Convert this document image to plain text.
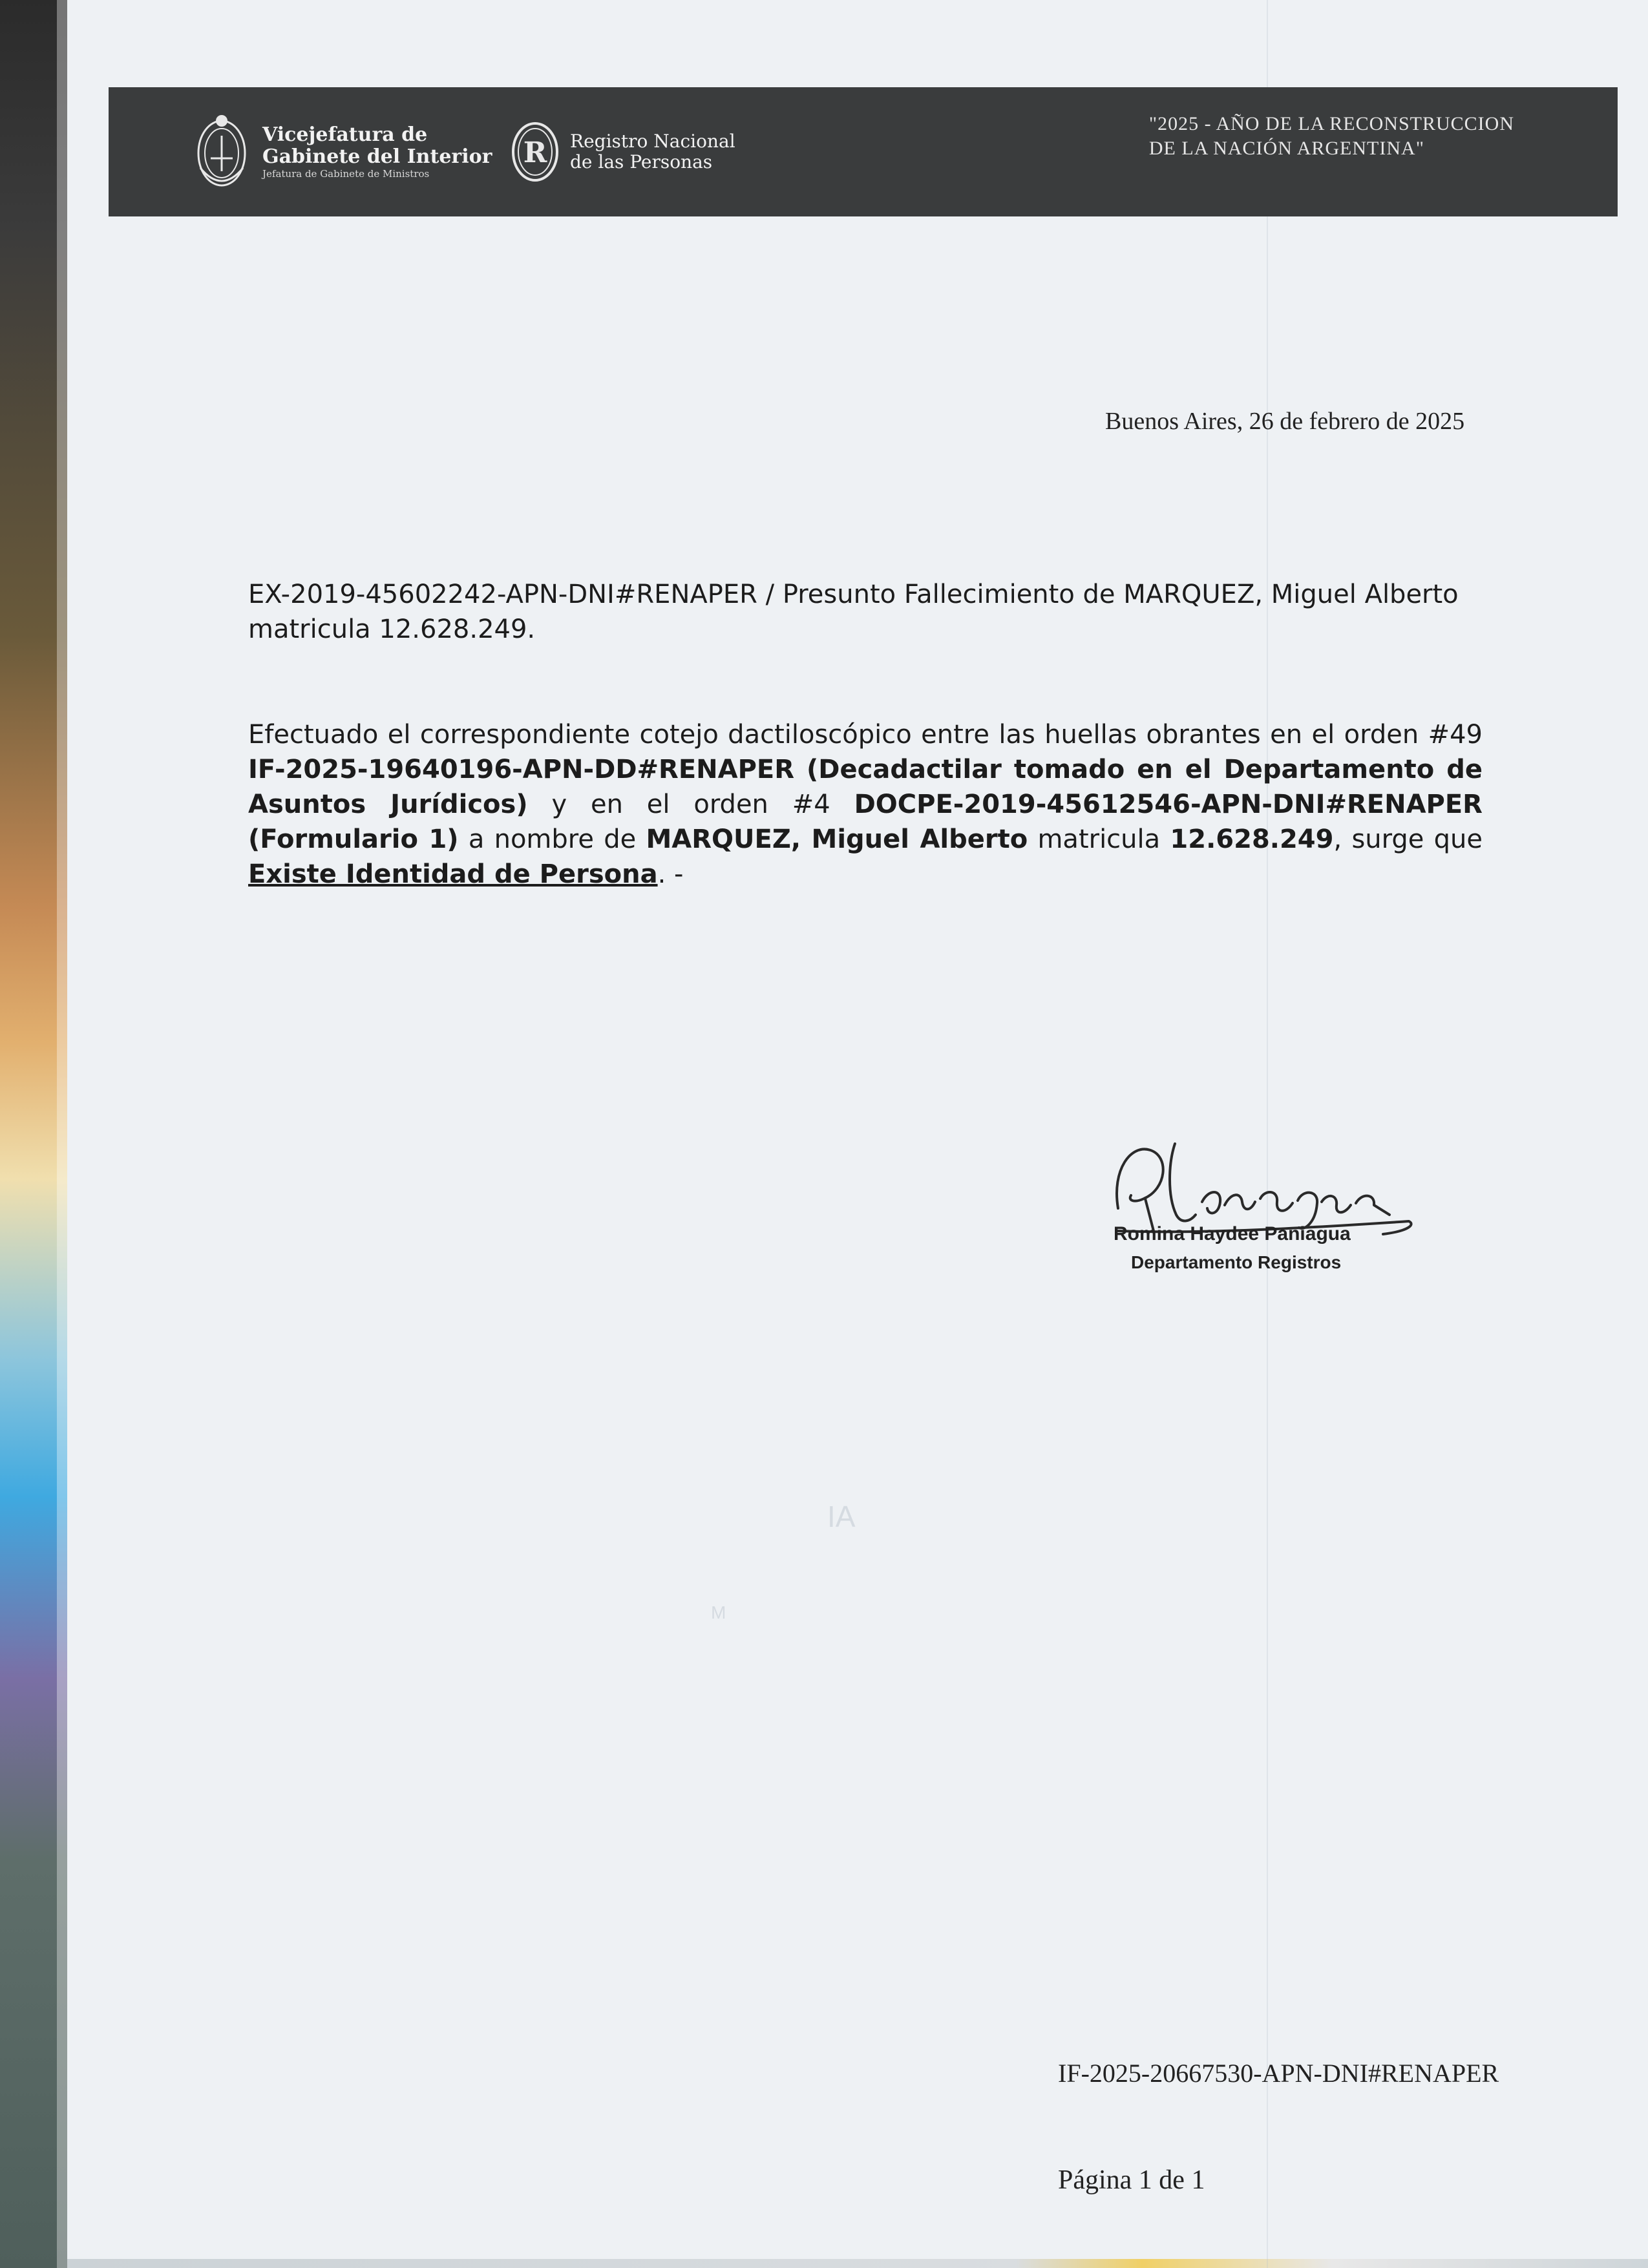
AI
M
Vicejefatura de
Gabinete del Interior
Jefatura de Gabinete de Ministros
R Registro Nacional
de las Personas
"2025 - AÑO DE LA RECONSTRUCCION
DE LA NACIÓN ARGENTINA"
Buenos Aires, 26 de febrero de 2025
EX-2019-45602242-APN-DNI#RENAPER / Presunto Fallecimiento de MARQUEZ, Miguel Alberto matricula 12.628.249.
Efectuado el correspondiente cotejo dactiloscópico entre las huellas obrantes en el orden #49 IF-2025-19640196-APN-DD#RENAPER (Decadactilar tomado en el Departamento de Asuntos Jurídicos) y en el orden #4 DOCPE-2019-45612546-APN-DNI#RENAPER (Formulario 1) a nombre de MARQUEZ, Miguel Alberto matricula 12.628.249, surge que Existe Identidad de Persona. -
Romina Haydee Paniagua
Departamento Registros
IF-2025-20667530-APN-DNI#RENAPER
Página 1 de 1
